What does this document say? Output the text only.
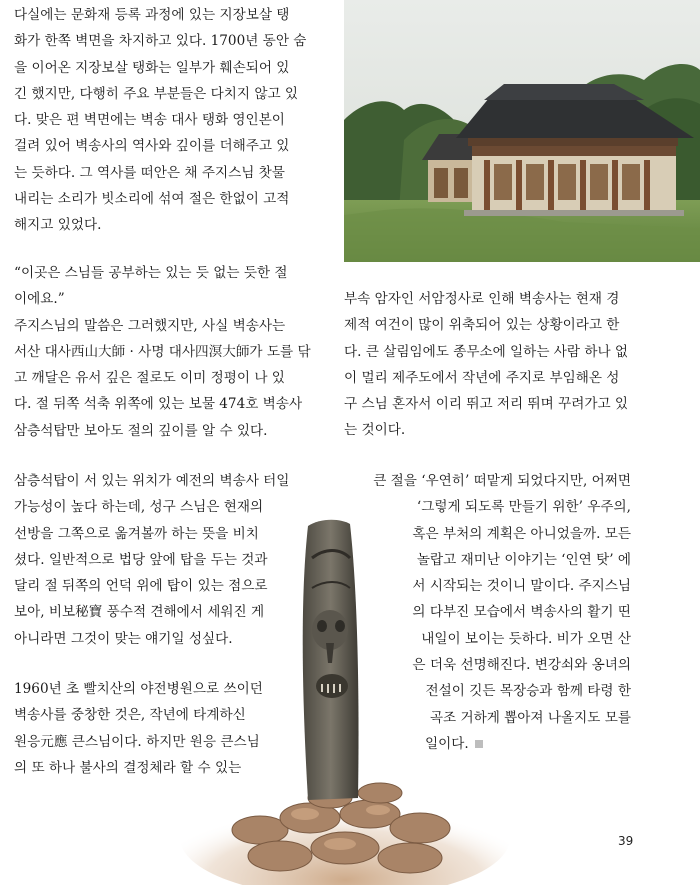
다실에는 문화재 등록 과정에 있는 지장보살 탱

화가 한쪽 벽면을 차지하고 있다. 1700년 동안 숨

을 이어온 지장보살 탱화는 일부가 훼손되어 있

긴 했지만, 다행히 주요 부분들은 다치지 않고 있

다. 맞은 편 벽면에는 벽송 대사 탱화 영인본이

걸려 있어 벽송사의 역사와 깊이를 더해주고 있

는 듯하다. 그 역사를 떠안은 채 주지스님 찻물

내리는 소리가 빗소리에 섞여 절은 한없이 고적

해지고 있었다.

“이곳은 스님들 공부하는 있는 듯 없는 듯한 절

이에요.”

주지스님의 말씀은 그러했지만, 사실 벽송사는

서산 대사西山大師 · 사명 대사四溟大師가 도를 닦

고 깨달은 유서 깊은 절로도 이미 정평이 나 있

다. 절 뒤쪽 석축 위쪽에 있는 보물 474호 벽송사

삼층석탑만 보아도 절의 깊이를 알 수 있다.

부속 암자인 서암정사로 인해 벽송사는 현재 경

제적 여건이 많이 위축되어 있는 상황이라고 한

다. 큰 살림임에도 종무소에 일하는 사람 하나 없

이 멀리 제주도에서 작년에 주지로 부임해온 성

구 스님 혼자서 이리 뛰고 저리 뛰며 꾸려가고 있

는 것이다.

삼층석탑이 서 있는 위치가 예전의 벽송사 터일

가능성이 높다 하는데, 성구 스님은 현재의

선방을 그쪽으로 옮겨볼까 하는 뜻을 비치

셨다. 일반적으로 법당 앞에 탑을 두는 것과

달리 절 뒤쪽의 언덕 위에 탑이 있는 점으로

보아, 비보秘寶 풍수적 견해에서 세워진 게

아니라면 그것이 맞는 얘기일 성싶다.

1960년 초 빨치산의 야전병원으로 쓰이던

벽송사를 중창한 것은, 작년에 타계하신

원응元應 큰스님이다. 하지만 원응 큰스님

의 또 하나 불사의 결정체라 할 수 있는

큰 절을 ‘우연히’ 떠맡게 되었다지만, 어쩌면

‘그렇게 되도록 만들기 위한’ 우주의,

혹은 부처의 계획은 아니었을까. 모든

놀랍고 재미난 이야기는 ‘인연 탓’ 에

서 시작되는 것이니 말이다. 주지스님

의 다부진 모습에서 벽송사의 활기 띤

내일이 보이는 듯하다. 비가 오면 산

은 더욱 선명해진다. 변강쇠와 옹녀의

전설이 깃든 목장승과 함께 타령 한

곡조 거하게 뽑아져 나올지도 모를

일이다.

39
